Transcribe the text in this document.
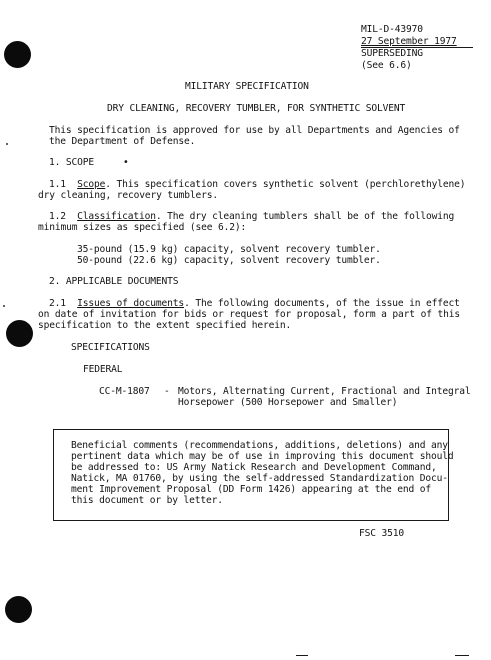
MIL-D-43970
27 September 1977
SUPERSEDING
(See 6.6)
MILITARY SPECIFICATION
DRY CLEANING, RECOVERY TUMBLER, FOR SYNTHETIC SOLVENT
This specification is approved for use by all Departments and Agencies of
the Department of Defense.
1. SCOPE	•
1.1 Scope. This specification covers synthetic solvent (perchlorethylene)
dry cleaning, recovery tumblers.
1.2 Classification. The dry cleaning tumblers shall be of the following
minimum sizes as specified (see 6.2):
35-pound (15.9 kg) capacity, solvent recovery tumbler.
50-pound (22.6 kg) capacity, solvent recovery tumbler.
2. APPLICABLE DOCUMENTS
2.1 Issues of documents. The following documents, of the issue in effect
on date of invitation for bids or request for proposal, form a part of this
specification to the extent specified herein.
SPECIFICATIONS
FEDERAL
CC-M-1807 - Motors, Alternating Current, Fractional and Integral
Horsepower (500 Horsepower and Smaller)
Beneficial comments (recommendations, additions, deletions) and any
pertinent data which may be of use in improving this document should
be addressed to: US Army Natick Research and Development Command,
Natick, MA 01760, by using the self-addressed Standardization Docu-
ment Improvement Proposal (DD Form 1426) appearing at the end of
this document or by letter.
FSC 3510
